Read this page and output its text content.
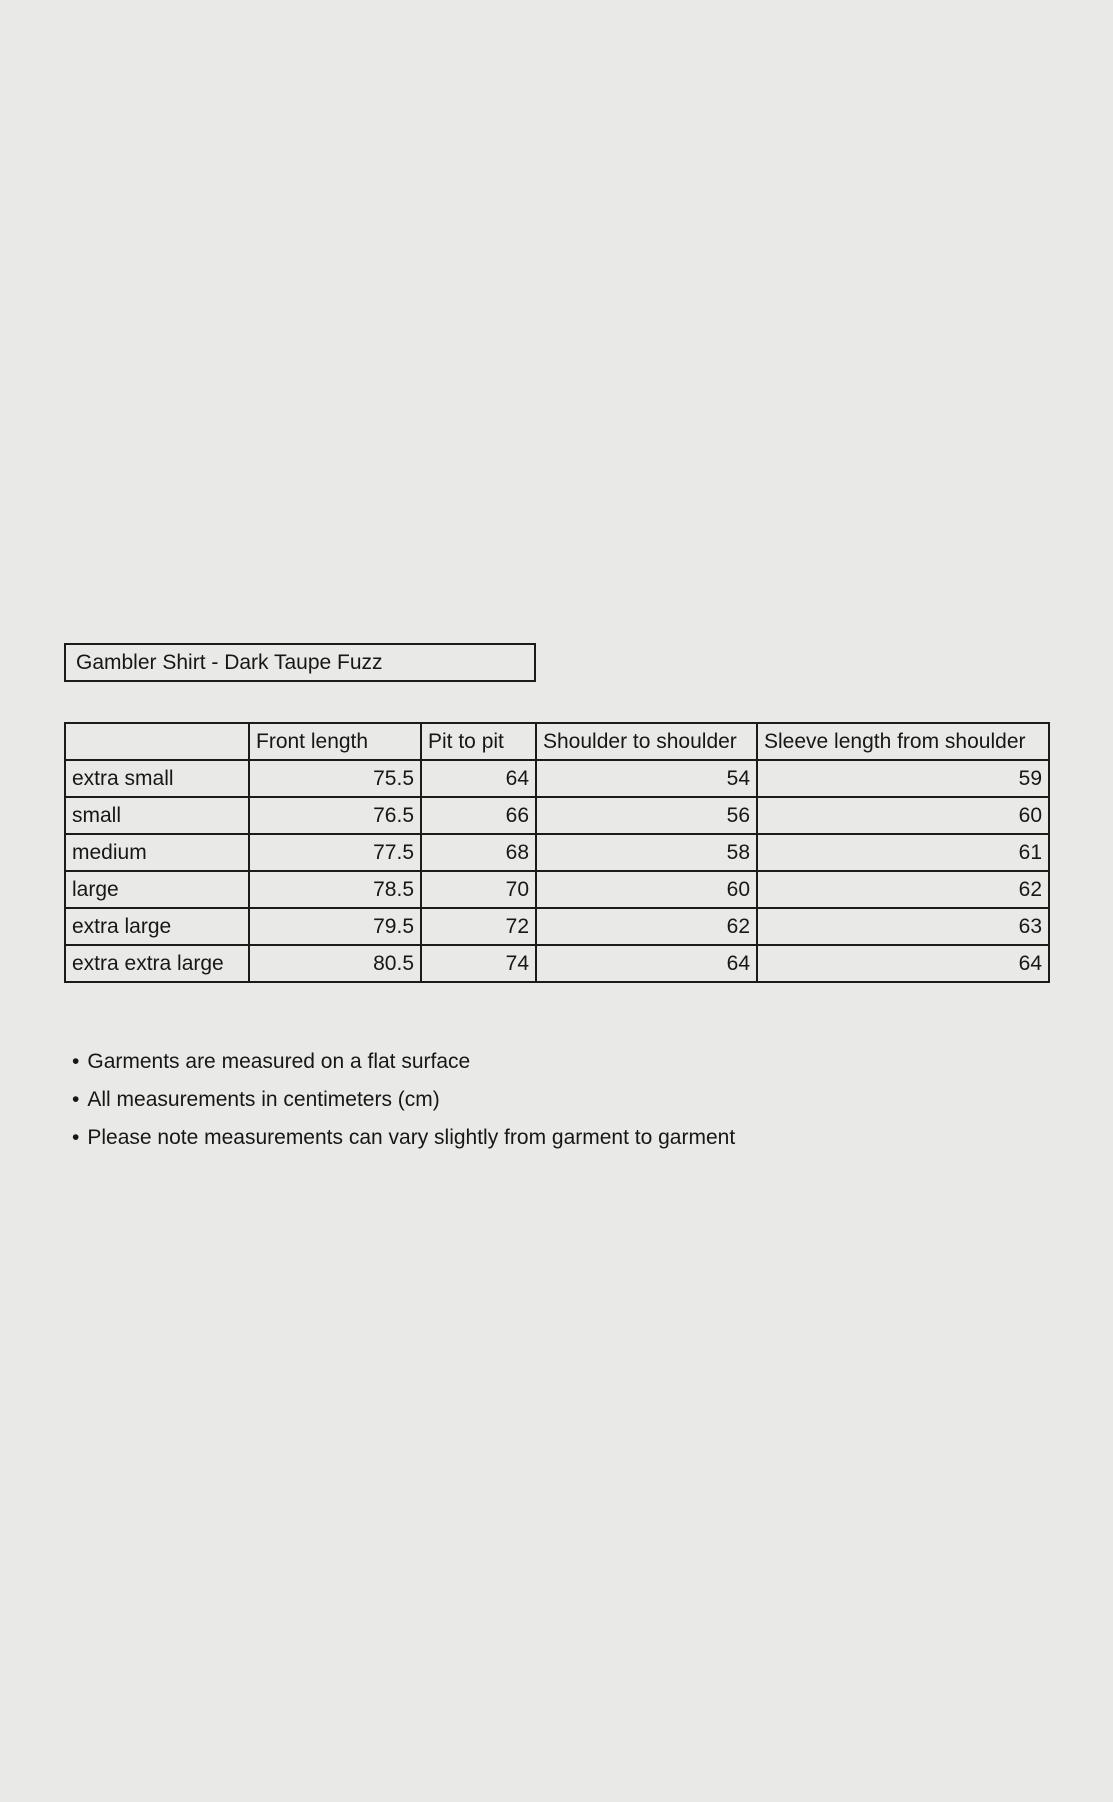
Gambler Shirt - Dark Taupe Fuzz
	Front length	Pit to pit	Shoulder to shoulder	Sleeve length from shoulder
extra small	75.5	64	54	59
small	76.5	66	56	60
medium	77.5	68	58	61
large	78.5	70	60	62
extra large	79.5	72	62	63
extra extra large	80.5	74	64	64
• Garments are measured on a flat surface
• All measurements in centimeters (cm)
• Please note measurements can vary slightly from garment to garment
